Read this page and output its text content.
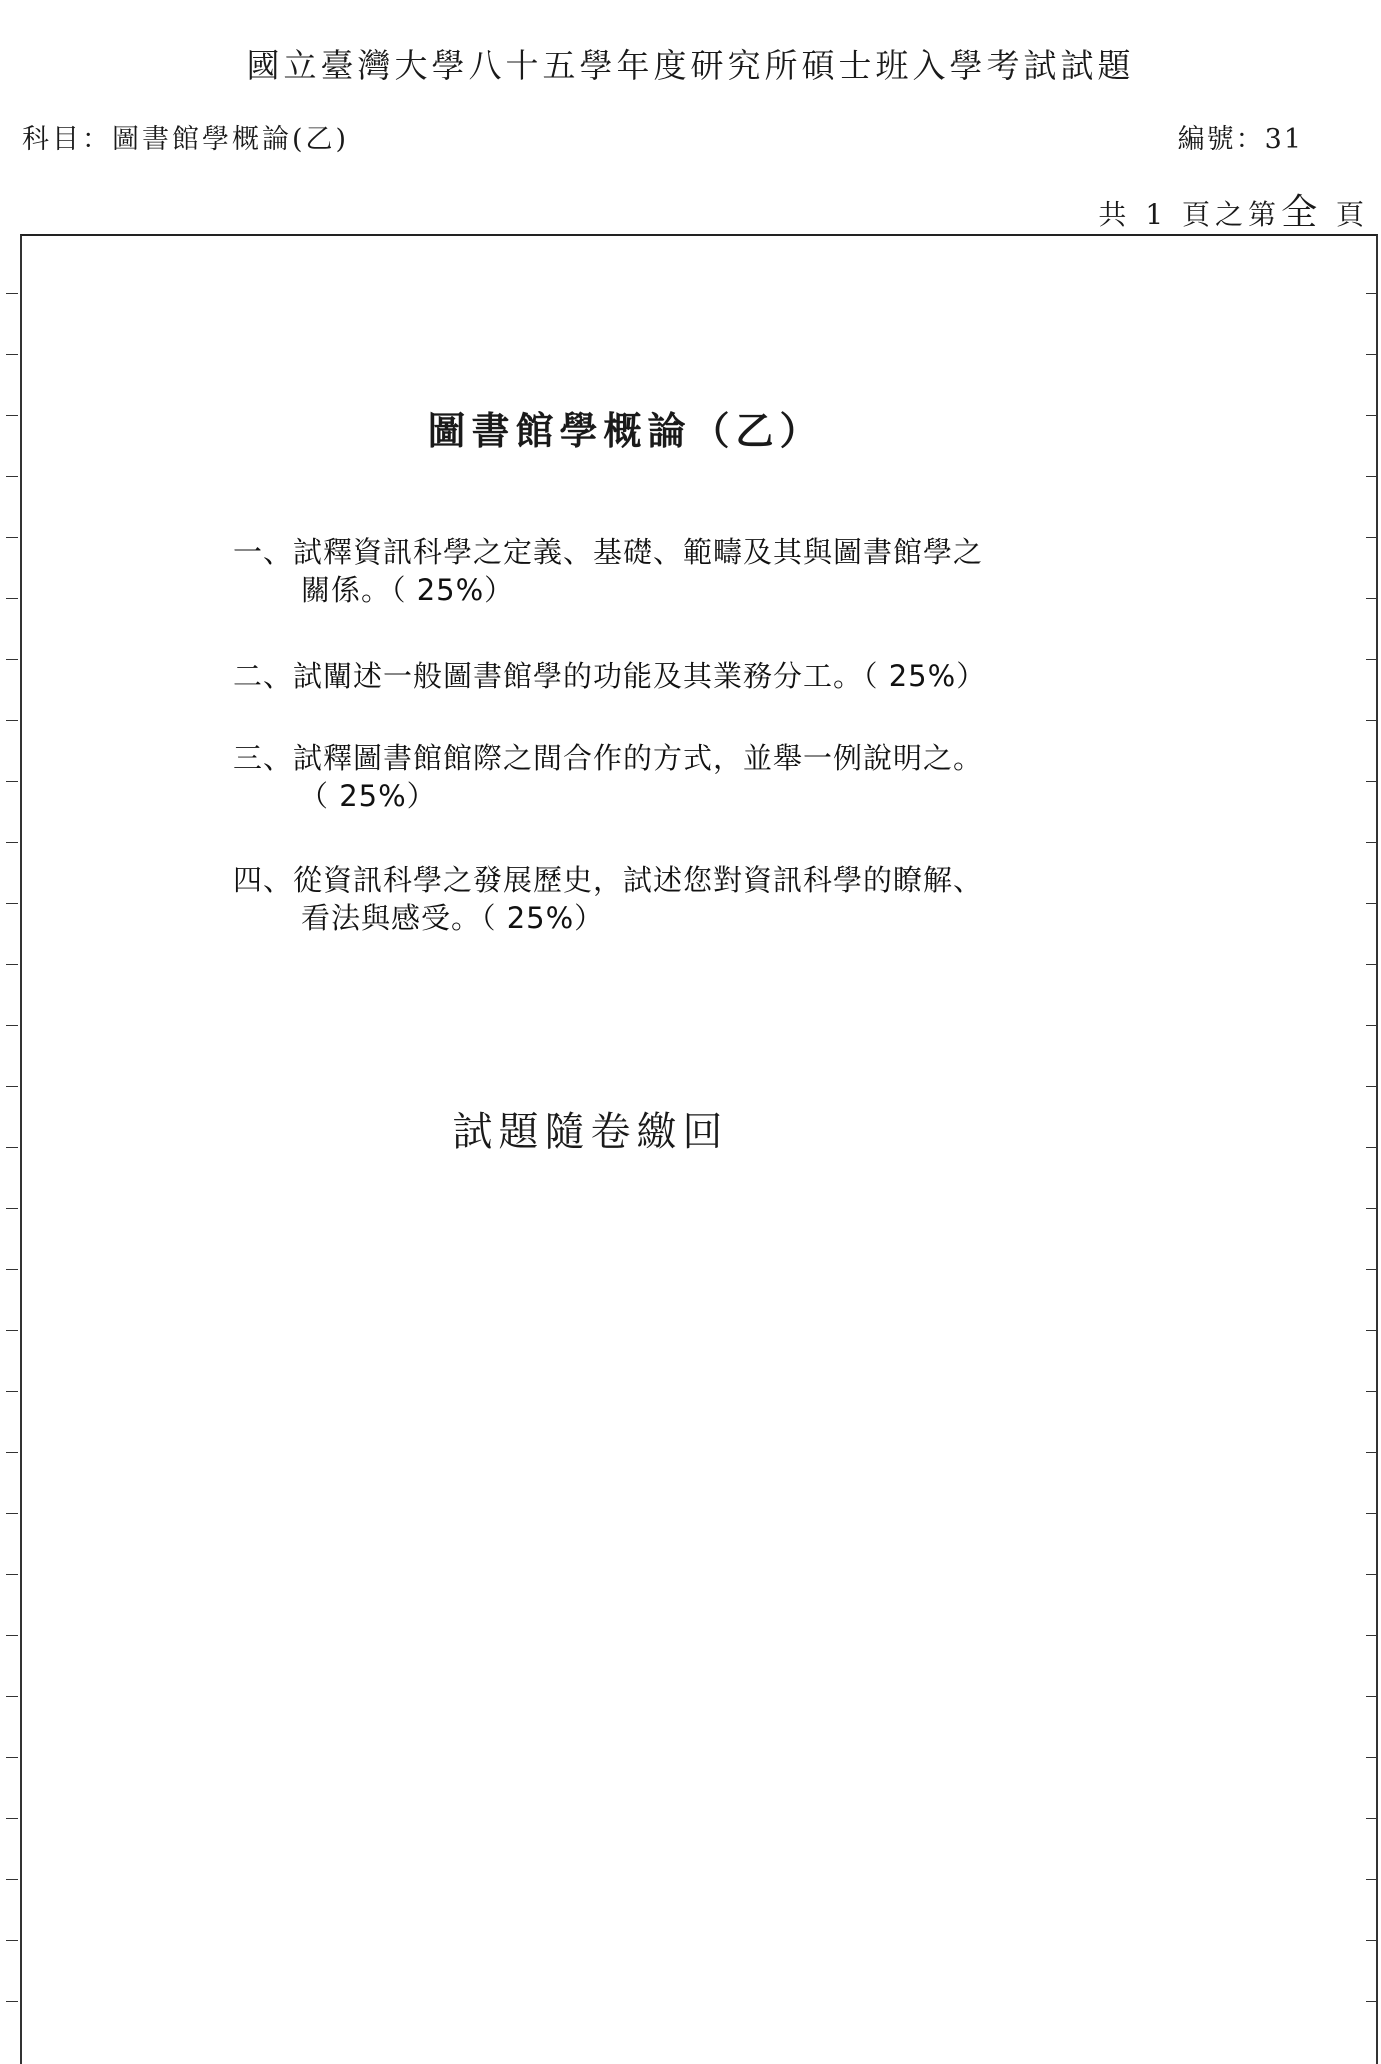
國立臺灣大學八十五學年度研究所碩士班入學考試試題
科目：圖書館學概論(乙)	編號：31
共 1 頁之第全 頁
圖書館學概論（乙）
一、試釋資訊科學之定義、基礎、範疇及其與圖書館學之
關係。（ 25%）
二、試闡述一般圖書館學的功能及其業務分工。（ 25%）
三、試釋圖書館館際之間合作的方式，並舉一例說明之。
（ 25%）
四、從資訊科學之發展歷史，試述您對資訊科學的瞭解、
看法與感受。（ 25%）
試題隨卷繳回
